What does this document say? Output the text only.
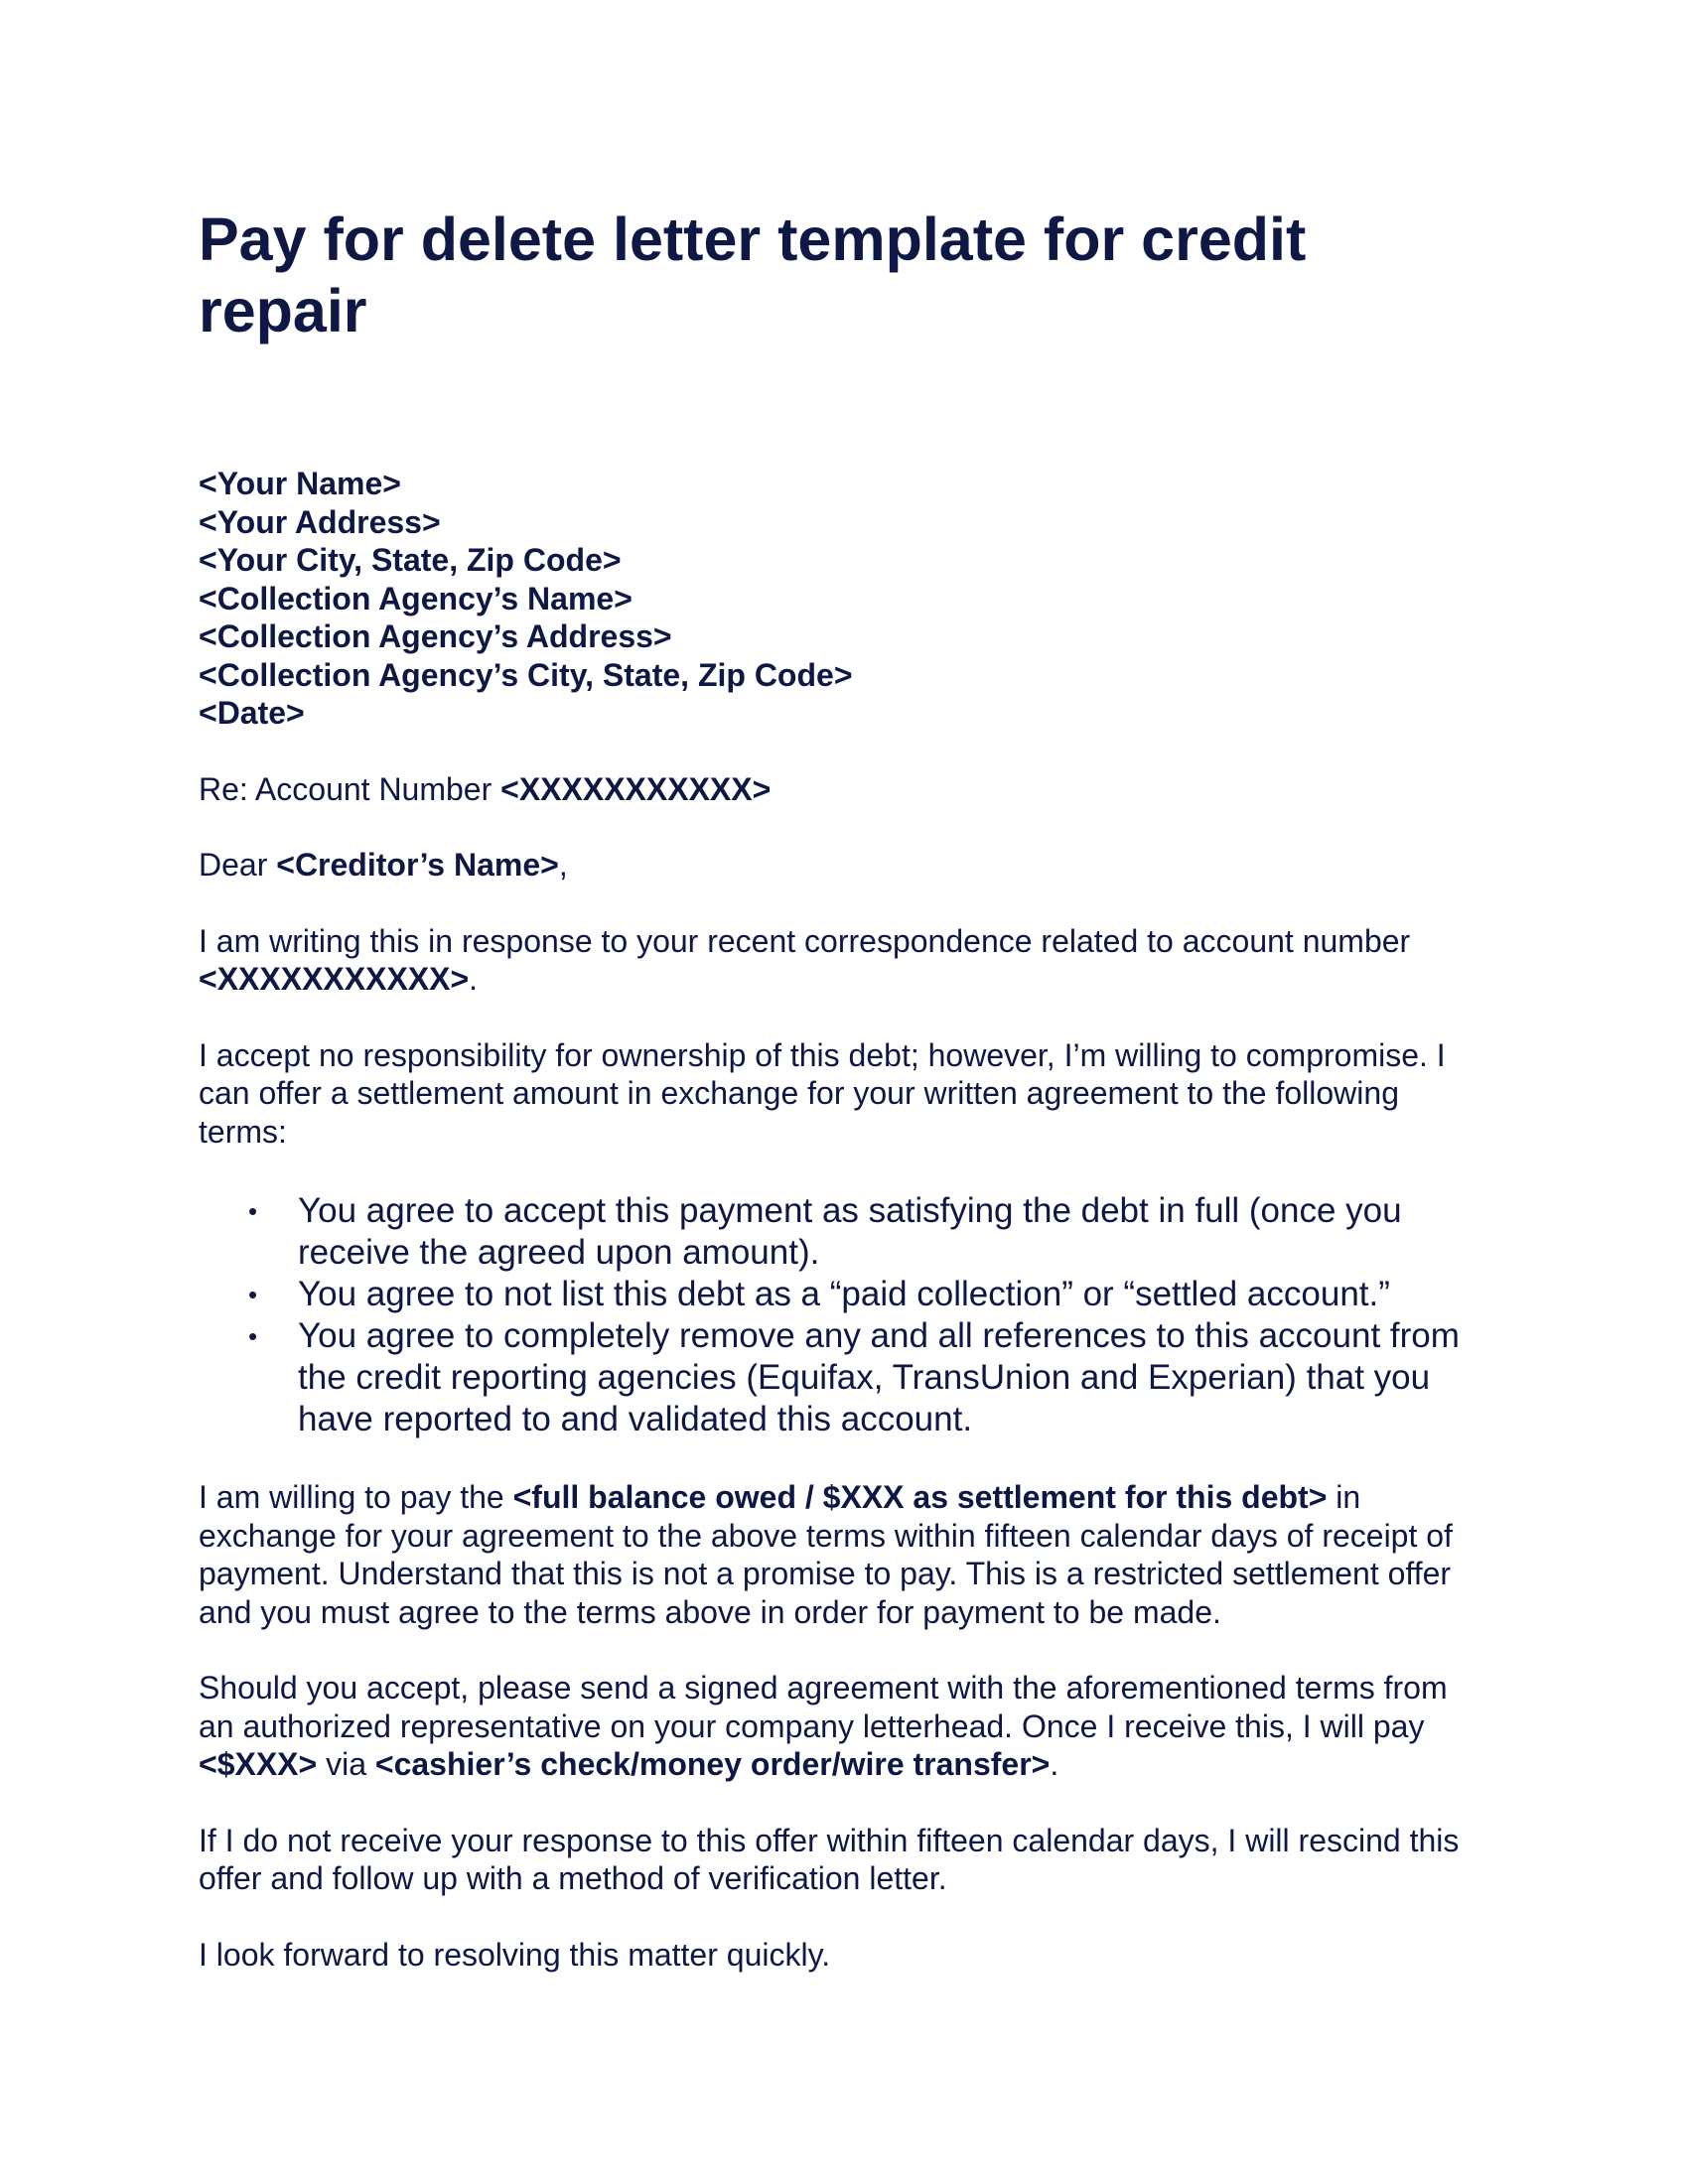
Pay for delete letter template for credit repair
<Your Name>
<Your Address>
<Your City, State, Zip Code>
<Collection Agency’s Name>
<Collection Agency’s Address>
<Collection Agency’s City, State, Zip Code>
<Date>

Re: Account Number <XXXXXXXXXXX>

Dear <Creditor’s Name>,

I am writing this in response to your recent correspondence related to account number <XXXXXXXXXXX>.

I accept no responsibility for ownership of this debt; however, I’m willing to compromise. I can offer a settlement amount in exchange for your written agreement to the following terms:

• You agree to accept this payment as satisfying the debt in full (once you receive the agreed upon amount).
• You agree to not list this debt as a “paid collection” or “settled account.”
• You agree to completely remove any and all references to this account from the credit reporting agencies (Equifax, TransUnion and Experian) that you have reported to and validated this account.

I am willing to pay the <full balance owed / $XXX as settlement for this debt> in exchange for your agreement to the above terms within fifteen calendar days of receipt of payment. Understand that this is not a promise to pay. This is a restricted settlement offer and you must agree to the terms above in order for payment to be made.

Should you accept, please send a signed agreement with the aforementioned terms from an authorized representative on your company letterhead. Once I receive this, I will pay <$XXX> via <cashier’s check/money order/wire transfer>.

If I do not receive your response to this offer within fifteen calendar days, I will rescind this offer and follow up with a method of verification letter.

I look forward to resolving this matter quickly.
